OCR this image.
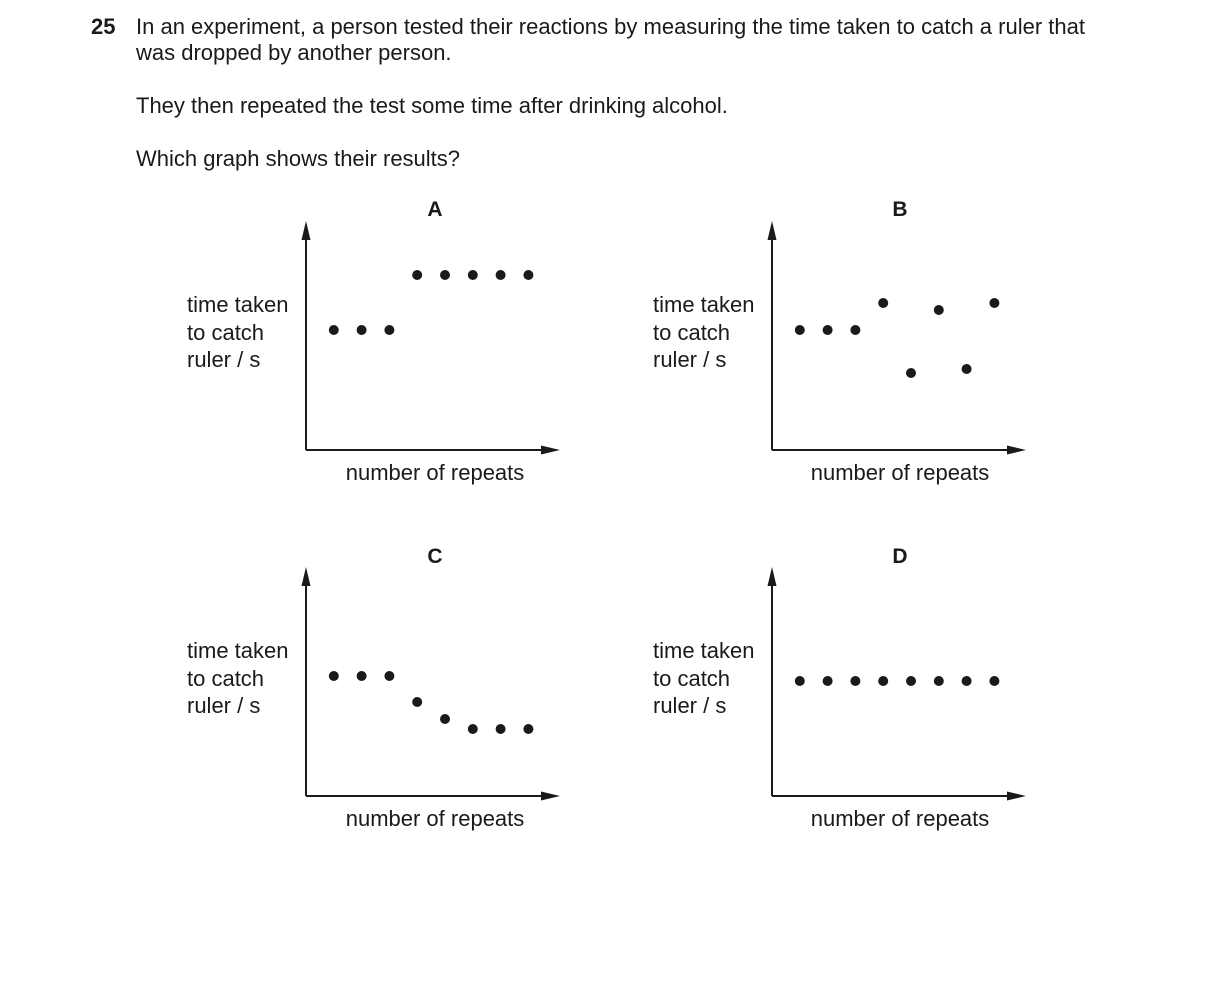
25 In an experiment, a person tested their reactions by measuring the time taken to catch a ruler that
was dropped by another person.
They then repeated the test some time after drinking alcohol.
Which graph shows their results?
A
time taken
to catch
ruler / s
number of repeats
B
time taken
to catch
ruler / s
number of repeats
C
time taken
to catch
ruler / s
number of repeats
D
time taken
to catch
ruler / s
number of repeats
